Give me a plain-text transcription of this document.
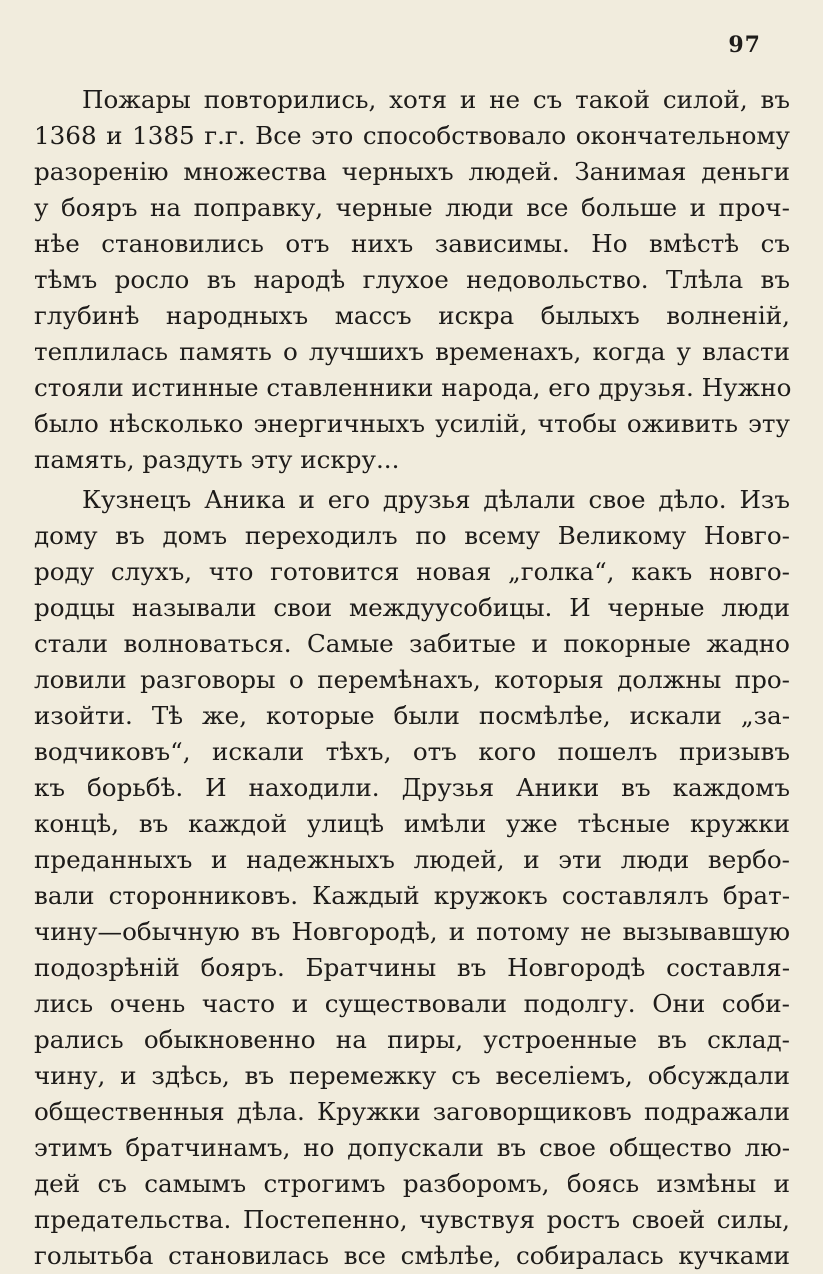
97
Пожары повторились, хотя и не съ такой силой, въ
1368 и 1385 г.г. Все это способствовало окончательному
разоренію множества черныхъ людей. Занимая деньги
у бояръ на поправку, черные люди все больше и проч-
нѣе становились отъ нихъ зависимы. Но вмѣстѣ съ
тѣмъ росло въ народѣ глухое недовольство. Тлѣла въ
глубинѣ народныхъ массъ искра былыхъ волненій,
теплилась память о лучшихъ временахъ, когда у власти
стояли истинные ставленники народа, его друзья. Нужно
было нѣсколько энергичныхъ усилій, чтобы оживить эту
память, раздуть эту искру...
Кузнецъ Аника и его друзья дѣлали свое дѣло. Изъ
дому въ домъ переходилъ по всему Великому Новго-
роду слухъ, что готовится новая „голка“, какъ новго-
родцы называли свои междуусобицы. И черные люди
стали волноваться. Самые забитые и покорные жадно
ловили разговоры о перемѣнахъ, которыя должны про-
изойти. Тѣ же, которые были посмѣлѣе, искали „за-
водчиковъ“, искали тѣхъ, отъ кого пошелъ призывъ
къ борьбѣ. И находили. Друзья Аники въ каждомъ
концѣ, въ каждой улицѣ имѣли уже тѣсные кружки
преданныхъ и надежныхъ людей, и эти люди вербо-
вали сторонниковъ. Каждый кружокъ составлялъ брат-
чину—обычную въ Новгородѣ, и потому не вызывавшую
подозрѣній бояръ. Братчины въ Новгородѣ составля-
лись очень часто и существовали подолгу. Они соби-
рались обыкновенно на пиры, устроенные въ склад-
чину, и здѣсь, въ перемежку съ веселіемъ, обсуждали
общественныя дѣла. Кружки заговорщиковъ подражали
этимъ братчинамъ, но допускали въ свое общество лю-
дей съ самымъ строгимъ разборомъ, боясь измѣны и
предательства. Постепенно, чувствуя ростъ своей силы,
голытьба становилась все смѣлѣе, собиралась кучками
